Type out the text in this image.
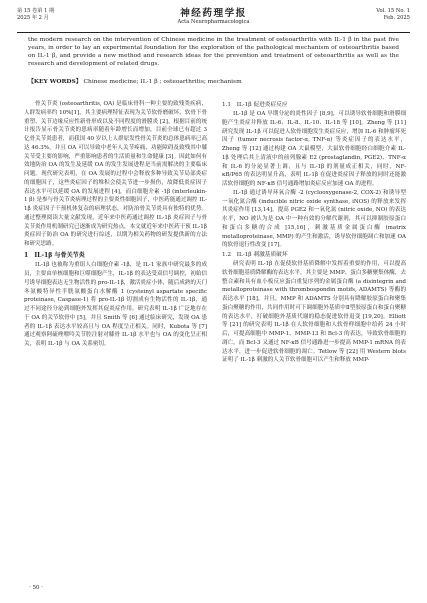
第 15 卷第 1 期
2025 年 2 月	神经药理学报
Acta Neuropharmacologica
Vol. 15 No. 1
Feb. 2025
the modern research on the intervention of Chinese medicine in the treatment of osteoarthritis with IL-1 β in the past five years, in order to lay an experimental foundation for the exploration of the pathological mechanism of osteoarthritis based on IL-1 β, and provide a new method and research ideas for the prevention and treatment of osteoarthritis as well as the research and development of related drugs.
【KEY WORDS】 Chinese medicine; IL-1 β ; osteoarthritis; mechanism

骨关节炎 (osteoarthritis, OA) 是临床骨科一种主要的致残类疾病，人群发病率约 10%[1]，其主要病理特征表现为关节软骨磨破坏、软骨下骨重塑、关节边缘反应性新骨形成以及不同程度的滑膜炎 [2]。根据目前的统计报告显示骨关节炎的患病率随着年龄增长而增加，目前全球已有超过 3 亿骨关节炎患者，而我国 40 岁以上人群原发性骨关节炎的总体患病率已高达 46.3%，并且 OA 可以导致中老年人关节疼痛、功能障碍及致残其中膝关节受主要的影响，严重影响患者的生活质量和生命健康 [3]。因此如何有效地防治 OA 的发生及延缓 OA 的发生发展进程是当前需解决的主要临床问题。现代研究表明，在 OA 发展的过程中会释放多种导致关节局部炎症的细胞因子，这些炎症因子的堆积会使关节进一步损伤，故降低炎症因子表达水平可以延缓 OA 的发展进程 [4]，而白细胞介素 -1β (interleukin-1 β) 是参与骨关节炎病理过程的主要炎性细胞因子，中医药能通过调控 IL-1β 炎症因子干预机体复杂的病理状态，对防治骨关节炎具有独特的优势。通过整理阅读大量文献发现，近年来中医药通过调控 IL-1β 炎症因子与骨关节炎作用机制研究已逐渐成为研究热点，本文就近年来中医药干预 IL-1β 炎症因子防治 OA 的研究进行综述，以期为相关药物的研发提供新的方法和研究思路。

1　IL-1β 与骨关节炎

IL-1β 也被称为重组人白细胞介素 -1β，是 IL-1 家族中研究最多的成员，主要由单核细胞和巨噬细胞产生，IL-1β 的表达受双信号调控，初始信号诱导细胞表达无生物活性的 pro-IL-1β，激活炎症小体，随后成熟的天门冬氨酸特异性半胱氨酸蛋白水解酶 1 (cysteinyl aspartate specific proteinase, Caspase-1) 将 pro-IL-1β 切割成有生物活性的 IL-1β，通过不同途径分泌到细胞外发挥其促炎症作用。研究表明 IL-1β 广泛地存在于 OA 的关节软骨中 [5]，并且 Smith 等 [6] 通过临床研究，发现 OA 患者的 IL-1β 表达水平较高且与 OA 程度呈正相关。同时，Kubota 等 [7] 通过观察阿硫唑嘌呤关节腔注射对膝骨 IL-1β 水平也与 OA 的变化呈正相关，表明 IL-1β 与 OA 关系密切。

1.1　IL-1β 促进炎症反应

IL-1β 是 OA 早期分泌的炎性因子 [8,9]，可以诱导软骨细胞和滑膜细胞产生炎症并释放 IL-6、IL-8、IL-10、IL-18 等 [10]。Zheng 等 [11] 研究发现 IL-1β 可以促进人软骨细胞发生炎症反应，增加 IL-6 和肿瘤坏死因子 (tumor necrosis factor-α, TNF-α) 等炎症因子的表达水平，Zheng 等 [12] 通过构建 OA 大鼠模型，大鼠软骨细胞经白细胞介素 IL-1β 处理后其上清液中的前列腺素 E2 (prostaglandin, PGE2)、TNF-α 和 IL-6 的分泌显著上调，且与 IL-1β 的剂量成正相关，同时，NF-κB/P65 的表达明显升高，表明 IL-1β 在促进炎症因子释放的同时还能激活软骨细胞的 NF-κB 信号通路增加炎症反应加速 OA 的进程。

IL-1β 通过诱导环氧合酶 -2 (cyclooxygenase-2, COX-2) 和诱导型一氧化氮合酶 (inducible nitric oxide synthase, iNOS) 的释放来发挥其炎症作用 [13,14]，提高 PGE2 和一氧化氮 (nitric oxide, NO) 的表达水平，NO 被认为是 OA 中一种有效的分解代谢剂，其可以抑制胶原蛋白和蛋白多糖的合成 [15,16]，刺激基质金属蛋白酶 (matrix metalloproteinase, MMP) 的产生和激活，诱导软骨细胞凋亡和加速 OA 的软骨退行性改变 [17]。

1.2　IL-1β 刺激基质破坏

研究表明 IL-1β 在促使软骨基质降解中发挥着重要的作用，可以提高软骨细胞基质降解酶的表达水平，其主要是 MMP、蛋白多糖聚集体酶，去整合素和具有血小板反应蛋白重复序列的金属蛋白酶 (a disintegrin and metalloproteinase with thrombospondin motifs, ADAMTS) 等酶的表达水平 [18]，并且，MMP 和 ADAMTS 分别具有降解胶原蛋白和聚集蛋白聚糖的作用，共同作用时可下调细胞外基质中Ⅱ型胶原蛋白和蛋白聚糖的表达水平，打破细胞外基质代谢的稳态促进软骨退变 [19,20]。Elliott 等 [21] 的研究表明 IL-1β 在人软骨细胞和人软骨样细胞中给药 24 小时后，可提高细胞中 MMP-1、MMP-13 和 Bcl-3 的表达，导致软骨细胞的凋亡，而 Bcl-3 又通过 NF-κB 信号通路进一步提高 MMP-1 mRNA 的表达水平，进一步促进软骨细胞的凋亡。Tetlow 等 [22] 用 Western blots 证明了 IL-1β 刺激的人关节软骨细胞可以产生和释放 MMP-

· 50 ·
